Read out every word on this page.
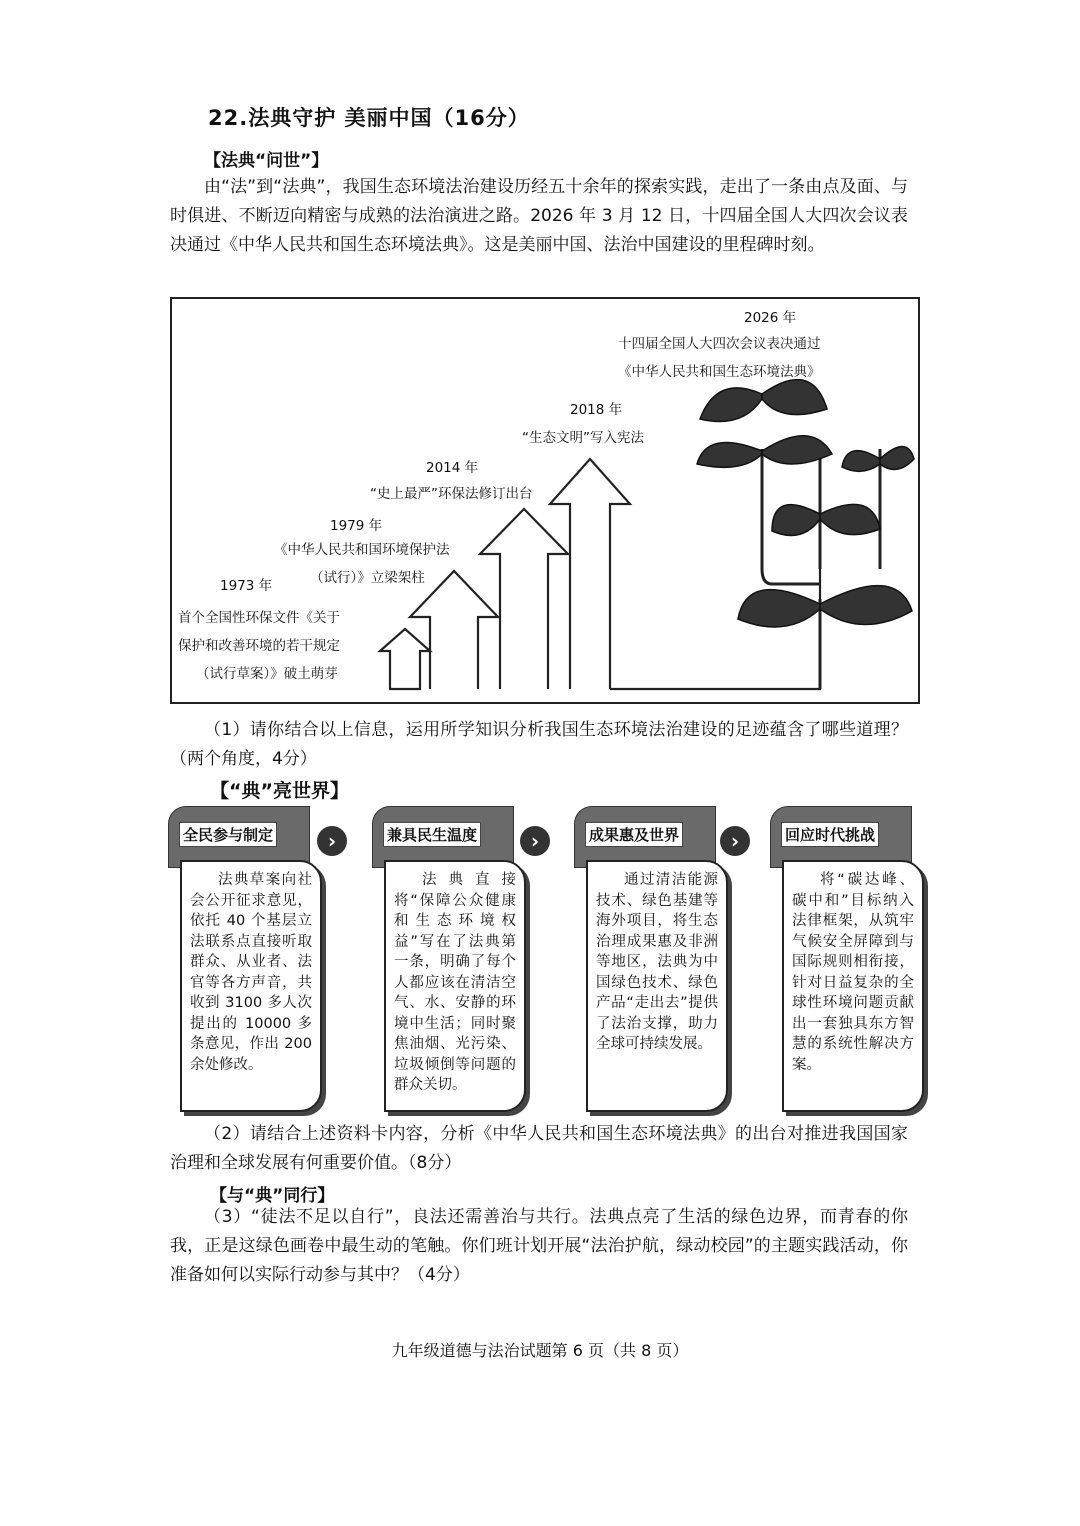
22.法典守护 美丽中国（16分）
【法典“问世”】
由“法”到“法典”，我国生态环境法治建设历经五十余年的探索实践，走出了一条由点及面、与时俱进、不断迈向精密与成熟的法治演进之路。2026 年 3 月 12 日，十四届全国人大四次会议表决通过《中华人民共和国生态环境法典》。这是美丽中国、法治中国建设的里程碑时刻。
1973 年
首个全国性环保文件《关于
保护和改善环境的若干规定
（试行草案）》破土萌芽
1979 年
《中华人民共和国环境保护法
（试行）》立梁架柱
2014 年
“史上最严”环保法修订出台
2018 年
“生态文明”写入宪法
2026 年
十四届全国人大四次会议表决通过
《中华人民共和国生态环境法典》
（1）请你结合以上信息，运用所学知识分析我国生态环境法治建设的足迹蕴含了哪些道理？（两个角度，4分）
【“典”亮世界】
全民参与制定
法典草案向社会公开征求意见，依托 40 个基层立法联系点直接听取群众、从业者、法官等各方声音，共收到 3100 多人次提出的 10000 多条意见，作出 200 余处修改。
›	兼具民生温度
法典直接将“保障公众健康和生态环境权益”写在了法典第一条，明确了每个人都应该在清洁空气、水、安静的环境中生活；同时聚焦油烟、光污染、垃圾倾倒等问题的群众关切。
›	成果惠及世界
通过清洁能源技术、绿色基建等海外项目，将生态治理成果惠及非洲等地区，法典为中国绿色技术、绿色产品“走出去”提供了法治支撑，助力全球可持续发展。
›	回应时代挑战
将“碳达峰、碳中和”目标纳入法律框架，从筑牢气候安全屏障到与国际规则相衔接，针对日益复杂的全球性环境问题贡献出一套独具东方智慧的系统性解决方案。
（2）请结合上述资料卡内容，分析《中华人民共和国生态环境法典》的出台对推进我国国家治理和全球发展有何重要价值。（8分）
【与“典”同行】
（3）“徒法不足以自行”，良法还需善治与共行。法典点亮了生活的绿色边界，而青春的你我，正是这绿色画卷中最生动的笔触。你们班计划开展“法治护航，绿动校园”的主题实践活动，你准备如何以实际行动参与其中？（4分）
九年级道德与法治试题第 6 页（共 8 页）
